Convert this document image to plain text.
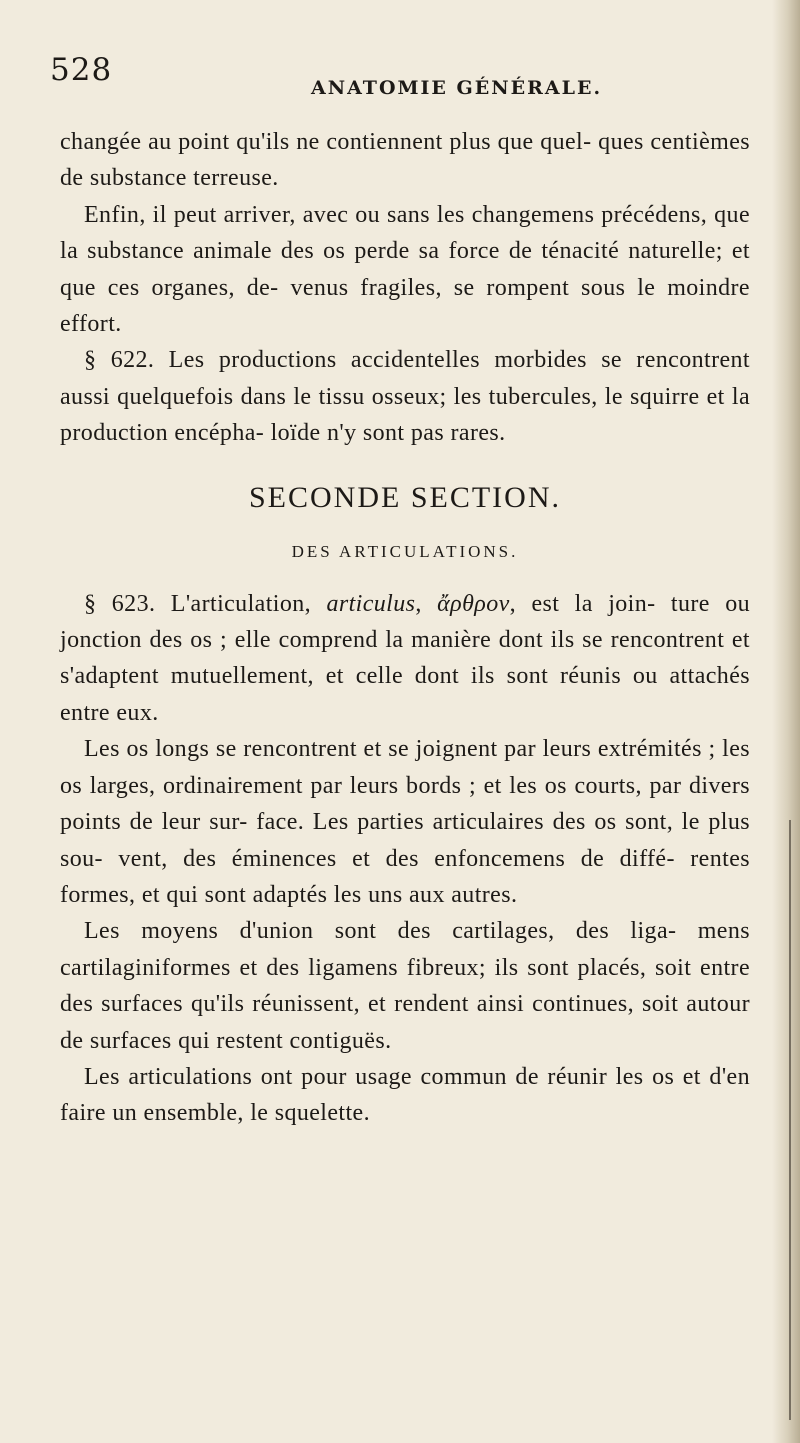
528	ANATOMIE GÉNÉRALE.

changée au point qu'ils ne contiennent plus que quel- ques centièmes de substance terreuse.

Enfin, il peut arriver, avec ou sans les changemens précédens, que la substance animale des os perde sa force de ténacité naturelle; et que ces organes, de- venus fragiles, se rompent sous le moindre effort.

§ 622. Les productions accidentelles morbides se rencontrent aussi quelquefois dans le tissu osseux; les tubercules, le squirre et la production encépha- loïde n'y sont pas rares.

SECONDE SECTION.
DES ARTICULATIONS.

§ 623. L'articulation, articulus, ἄρθρον, est la join- ture ou jonction des os ; elle comprend la manière dont ils se rencontrent et s'adaptent mutuellement, et celle dont ils sont réunis ou attachés entre eux.

Les os longs se rencontrent et se joignent par leurs extrémités ; les os larges, ordinairement par leurs bords ; et les os courts, par divers points de leur sur- face. Les parties articulaires des os sont, le plus sou- vent, des éminences et des enfoncemens de diffé- rentes formes, et qui sont adaptés les uns aux autres.

Les moyens d'union sont des cartilages, des liga- mens cartilaginiformes et des ligamens fibreux; ils sont placés, soit entre des surfaces qu'ils réunissent, et rendent ainsi continues, soit autour de surfaces qui restent contiguës.

Les articulations ont pour usage commun de réunir les os et d'en faire un ensemble, le squelette.
